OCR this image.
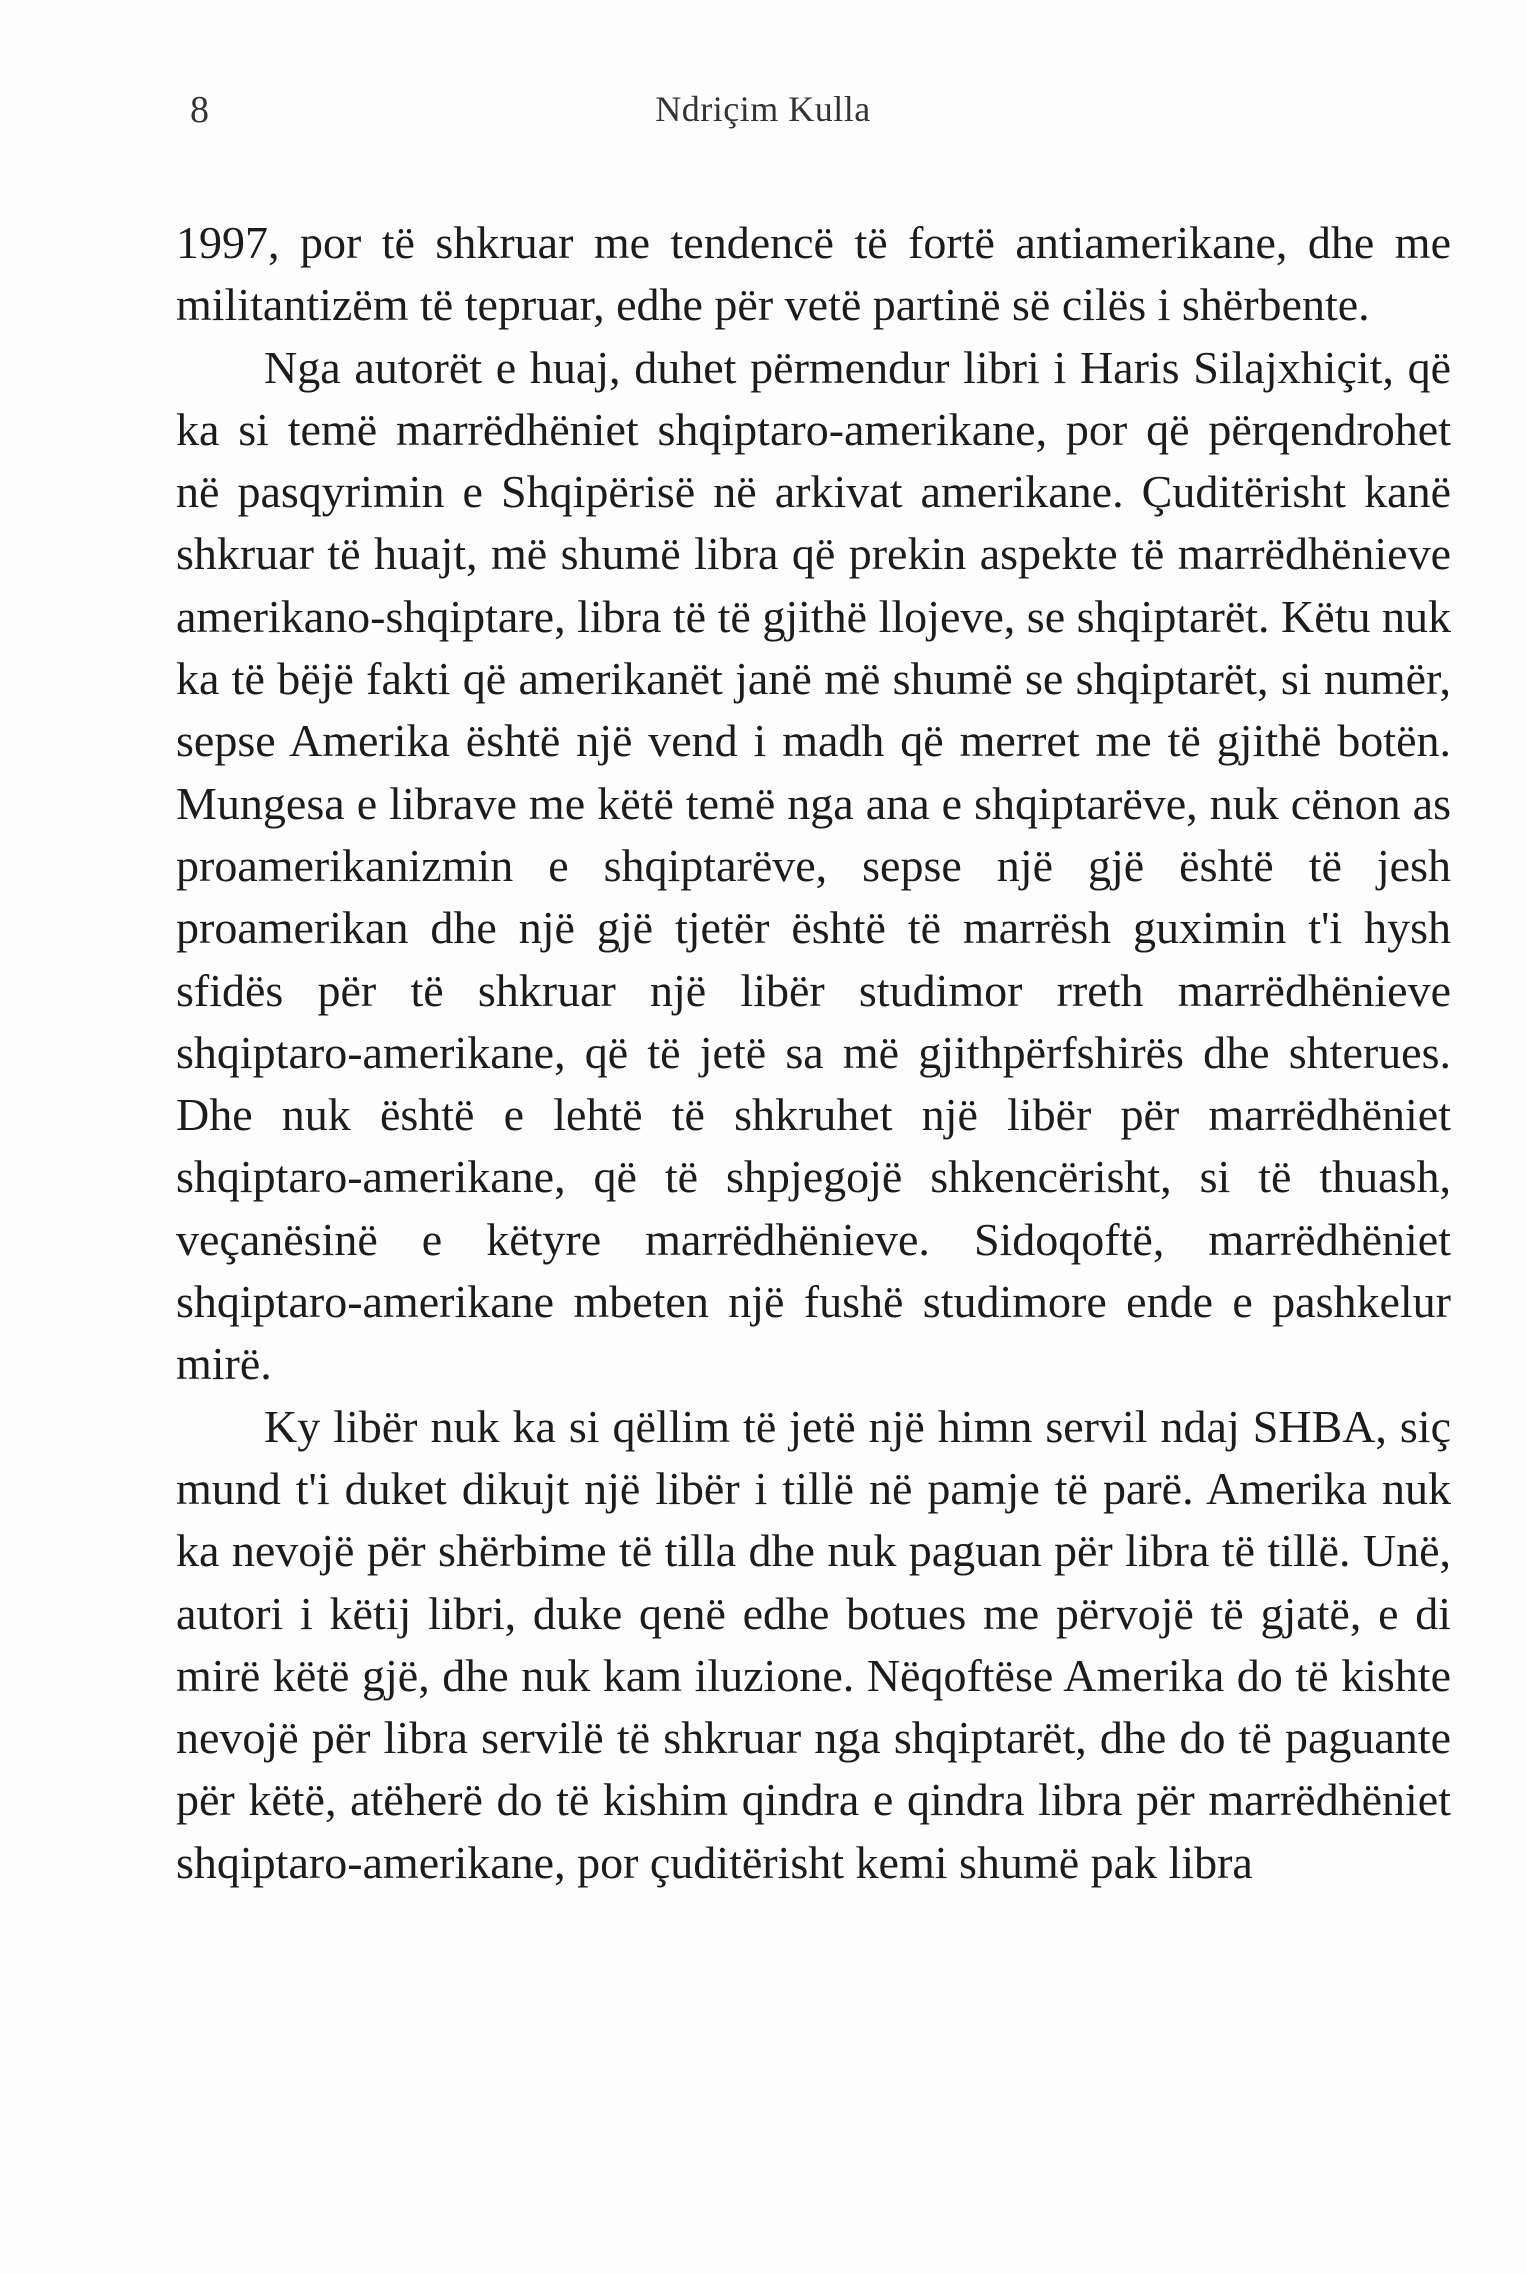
8	Ndriçim Kulla

1997, por të shkruar me tendencë të fortë antiamerikane, dhe me militantizëm të tepruar, edhe për vetë partinë së cilës i shërbente.

Nga autorët e huaj, duhet përmendur libri i Haris Silajxhiçit, që ka si temë marrëdhëniet shqiptaro-amerikane, por që përqendrohet në pasqyrimin e Shqipërisë në arkivat amerikane. Çuditërisht kanë shkruar të huajt, më shumë libra që prekin aspekte të marrëdhënieve amerikano-shqiptare, libra të të gjithë llojeve, se shqiptarët. Këtu nuk ka të bëjë fakti që amerikanët janë më shumë se shqiptarët, si numër, sepse Amerika është një vend i madh që merret me të gjithë botën. Mungesa e librave me këtë temë nga ana e shqiptarëve, nuk cënon as proamerikanizmin e shqiptarëve, sepse një gjë është të jesh proamerikan dhe një gjë tjetër është të marrësh guximin t'i hysh sfidës për të shkruar një libër studimor rreth marrëdhënieve shqiptaro-amerikane, që të jetë sa më gjithpërfshirës dhe shterues. Dhe nuk është e lehtë të shkruhet një libër për marrëdhëniet shqiptaro-amerikane, që të shpjegojë shkencërisht, si të thuash, veçanësinë e këtyre marrëdhënieve. Sidoqoftë, marrëdhëniet shqiptaro-amerikane mbeten një fushë studimore ende e pashkelur mirë.

Ky libër nuk ka si qëllim të jetë një himn servil ndaj SHBA, siç mund t'i duket dikujt një libër i tillë në pamje të parë. Amerika nuk ka nevojë për shërbime të tilla dhe nuk paguan për libra të tillë. Unë, autori i këtij libri, duke qenë edhe botues me përvojë të gjatë, e di mirë këtë gjë, dhe nuk kam iluzione. Nëqoftëse Amerika do të kishte nevojë për libra servilë të shkruar nga shqiptarët, dhe do të paguante për këtë, atëherë do të kishim qindra e qindra libra për marrëdhëniet shqiptaro-amerikane, por çuditërisht kemi shumë pak libra
